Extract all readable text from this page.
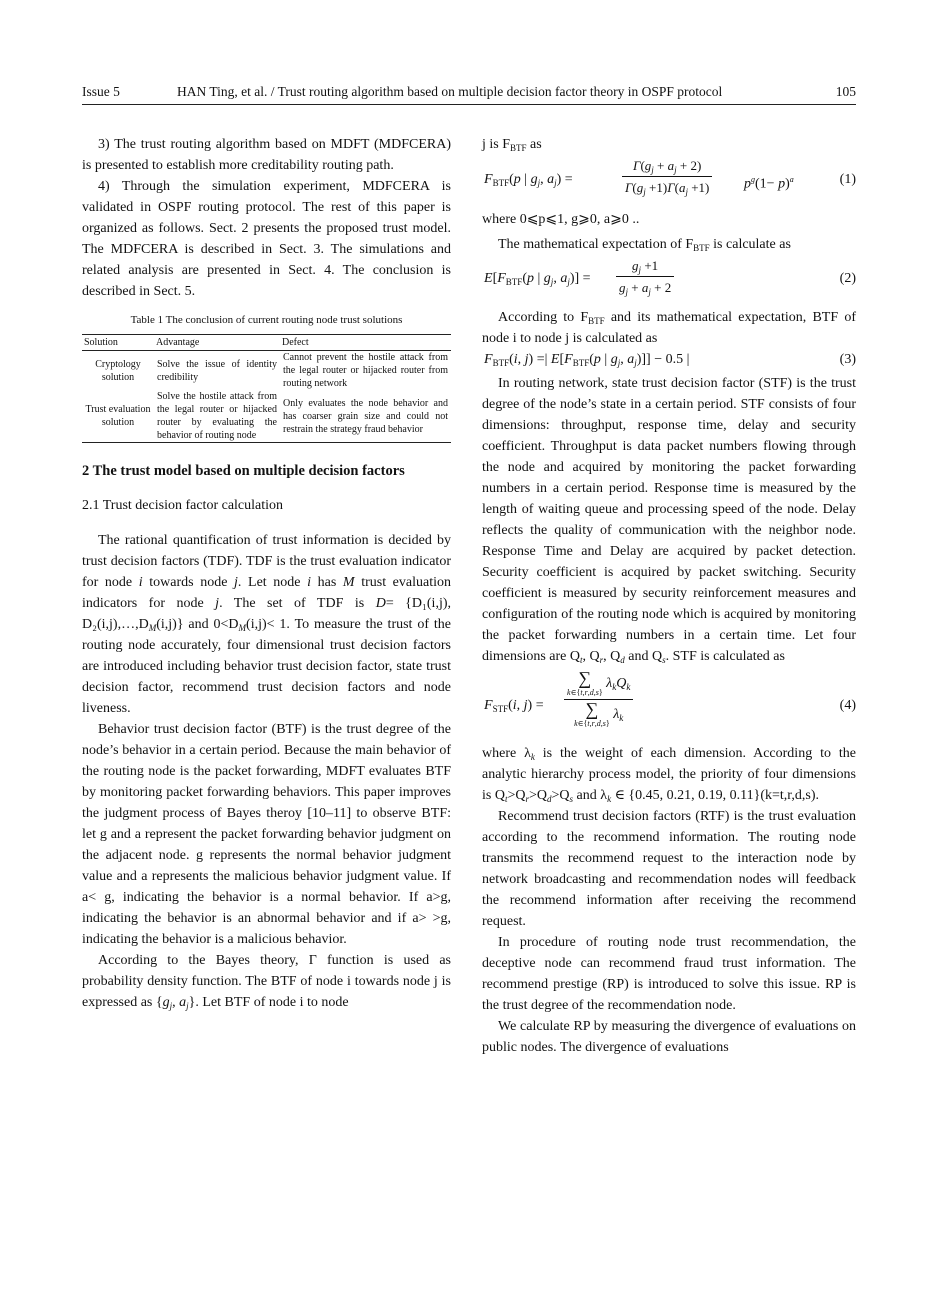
Issue 5	HAN Ting, et al. / Trust routing algorithm based on multiple decision factor theory in OSPF protocol	105

3) The trust routing algorithm based on MDFT (MDFCERA) is presented to establish more creditability routing path.

4) Through the simulation experiment, MDFCERA is validated in OSPF routing protocol. The rest of this paper is organized as follows. Sect. 2 presents the proposed trust model. The MDFCERA is described in Sect. 3. The simulations and related analysis are presented in Sect. 4. The conclusion is described in Sect. 5.

Table 1 The conclusion of current routing node trust solutions
Solution	Advantage	Defect
Cryptology solution	Solve the issue of identity credibility	Cannot prevent the hostile attack from the legal router or hijacked router from routing network
Trust evaluation solution	Solve the hostile attack from the legal router or hijacked router by evaluating the behavior of routing node	Only evaluates the node behavior and has coarser grain size and could not restrain the strategy fraud behavior
2 The trust model based on multiple decision factors
2.1 Trust decision factor calculation

The rational quantification of trust information is decided by trust decision factors (TDF). TDF is the trust evaluation indicator for node i towards node j. Let node i has M trust evaluation indicators for node j. The set of TDF is D= {D₁(i,j), $D_2(i,j),\dots,D_M(i,j)$} and $0<D_M(i,j)< 1$. To measure the trust of the routing node accurately, four dimensional trust decision factors are introduced including behavior trust decision factor, state trust decision factor, recommend trust decision factors and node liveness.

Behavior trust decision factor (BTF) is the trust degree of the node’s behavior in a certain period. Because the main behavior of the routing node is the packet forwarding, MDFT evaluates BTF by monitoring packet forwarding behaviors. This paper improves the judgment process of Bayes theroy [10–11] to observe BTF: let g and a represent the packet forwarding behavior judgment on the adjacent node. g represents the normal behavior judgment value and a represents the malicious behavior judgment value. If a< g, indicating the behavior is a normal behavior. If a>g, indicating the behavior is an abnormal behavior and if a> >g, indicating the behavior is a malicious behavior.

According to the Bayes theory, Γ function is used as probability density function. The BTF of node i towards node j is expressed as {$g_j$, $a_j$}. Let BTF of node i to node

j is $F_{BTF}$ as

$F_{BTF}(p$ | $g_j$, $a_j$) =	$\frac{\Gamma(g_j + a_j + 2)}{\Gamma(g_j +1)\Gamma(a_j +1)} p^g(1- p)^a$	(1)

where 0⩽p⩽1, g⩾0, a⩾0 ..

The mathematical expectation of $F_{BTF}$ is calculate as

$E[F_{BTF}(p$ | $g_j$, $a_j)] = \frac{g_j +1}{g_j + a_j + 2}$	(2)

According to $F_{BTF}$ and its mathematical expectation, BTF of node i to node j is calculated as

$F_{BTF}(i$, j) =| $E[F_{BTF}(p$ | $g_j$, $a_j)]] - 0.5$ |	(3)

In routing network, state trust decision factor (STF) is the trust degree of the node’s state in a certain period. STF consists of four dimensions: throughput, response time, delay and security coefficient. Throughput is data packet numbers flowing through the node and acquired by monitoring the packet forwarding numbers in a certain period. Response time is measured by the length of waiting queue and processing speed of the node. Delay reflects the quality of communication with the neighbor node. Response Time and Delay are acquired by packet detection. Security coefficient is acquired by packet switching. Security coefficient is measured by security reinforcement measures and configuration of the routing node which is acquired by monitoring the packet forwarding numbers in a certain time. Let four dimensions are $Q_t$, $Q_r$, $Q_d$ and $Q_s$. STF is calculated as

$F_{STF}(i$, j) =
∑
k∈{t,r,d,s}
$\lambda_kQ_k$
∑
k∈{t,r,d,s}
$\lambda_k$
(4)

where $\lambda_k$ is the weight of each dimension. According to the analytic hierarchy process model, the priority of four dimensions is $Q_t>Q_r>Q_d>Q_s$ and $\lambda_k$ ∈ {0.45, 0.21, 0.19, 0.11}(k=t,r,d,s).

Recommend trust decision factors (RTF) is the trust evaluation according to the recommend information. The routing node transmits the recommend request to the interaction node by network broadcasting and recommendation nodes will feedback the recommend information after receiving the recommend request.

In procedure of routing node trust recommendation, the deceptive node can recommend fraud trust information. The recommend prestige (RP) is introduced to solve this issue. RP is the trust degree of the recommendation node.

We calculate RP by measuring the divergence of evaluations on public nodes. The divergence of evaluations
